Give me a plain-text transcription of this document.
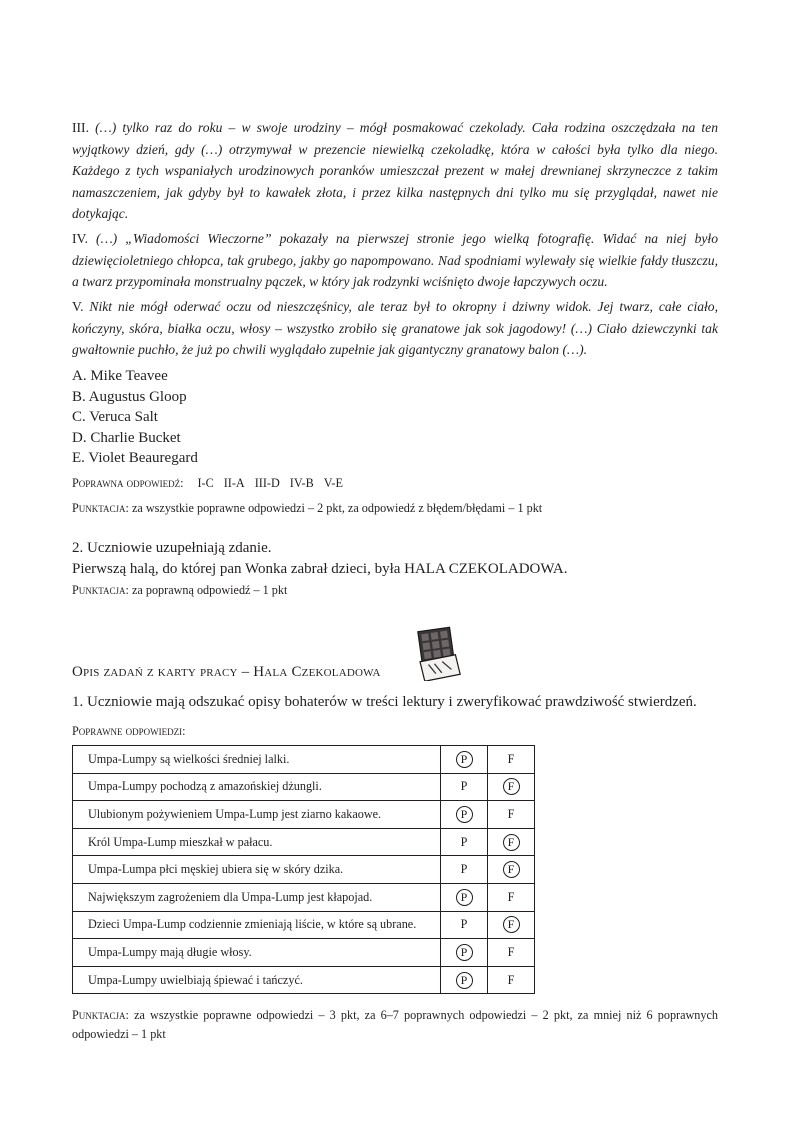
III. (…) tylko raz do roku – w swoje urodziny – mógł posmakować czekolady. Cała rodzina oszczędzała na ten wyjątkowy dzień, gdy (…) otrzymywał w prezencie niewielką czekoladkę, która w całości była tylko dla niego. Każdego z tych wspaniałych urodzinowych poranków umieszczał prezent w małej drewnianej skrzyneczce z takim namaszczeniem, jak gdyby był to kawałek złota, i przez kilka następnych dni tylko mu się przyglądał, nawet nie dotykając.

IV. (…) „Wiadomości Wieczorne” pokazały na pierwszej stronie jego wielką fotografię. Widać na niej było dziewięcioletniego chłopca, tak grubego, jakby go napompowano. Nad spodniami wylewały się wielkie fałdy tłuszczu, a twarz przypominała monstrualny pączek, w który jak rodzynki wciśnięto dwoje łapczywych oczu.

V. Nikt nie mógł oderwać oczu od nieszczęśnicy, ale teraz był to okropny i dziwny widok. Jej twarz, całe ciało, kończyny, skóra, białka oczu, włosy – wszystko zrobiło się granatowe jak sok jagodowy! (…) Ciało dziewczynki tak gwałtownie puchło, że już po chwili wyglądało zupełnie jak gigantyczny granatowy balon (…).

A. Mike Teavee
B. Augustus Gloop
C. Veruca Salt
D. Charlie Bucket
E. Violet Beauregard
Poprawna odpowiedź: I-C II-A III-D IV-B V-E
Punktacja: za wszystkie poprawne odpowiedzi – 2 pkt, za odpowiedź z błędem/błędami – 1 pkt
2. Uczniowie uzupełniają zdanie.
Pierwszą halą, do której pan Wonka zabrał dzieci, była HALA CZEKOLADOWA.
Punktacja: za poprawną odpowiedź – 1 pkt
Opis zadań z karty pracy – Hala Czekoladowa
1. Uczniowie mają odszukać opisy bohaterów w treści lektury i zweryfikować prawdziwość stwierdzeń.
Poprawne odpowiedzi:
Umpa-Lumpy są wielkości średniej lalki.	P	F
Umpa-Lumpy pochodzą z amazońskiej dżungli.	P	F
Ulubionym pożywieniem Umpa-Lump jest ziarno kakaowe.	P	F
Król Umpa-Lump mieszkał w pałacu.	P	F
Umpa-Lumpa płci męskiej ubiera się w skóry dzika.	P	F
Największym zagrożeniem dla Umpa-Lump jest kłapojad.	P	F
Dzieci Umpa-Lump codziennie zmieniają liście, w które są ubrane.	P	F
Umpa-Lumpy mają długie włosy.	P	F
Umpa-Lumpy uwielbiają śpiewać i tańczyć.	P	F
Punktacja: za wszystkie poprawne odpowiedzi – 3 pkt, za 6–7 poprawnych odpowiedzi – 2 pkt, za mniej niż 6 poprawnych odpowiedzi – 1 pkt
